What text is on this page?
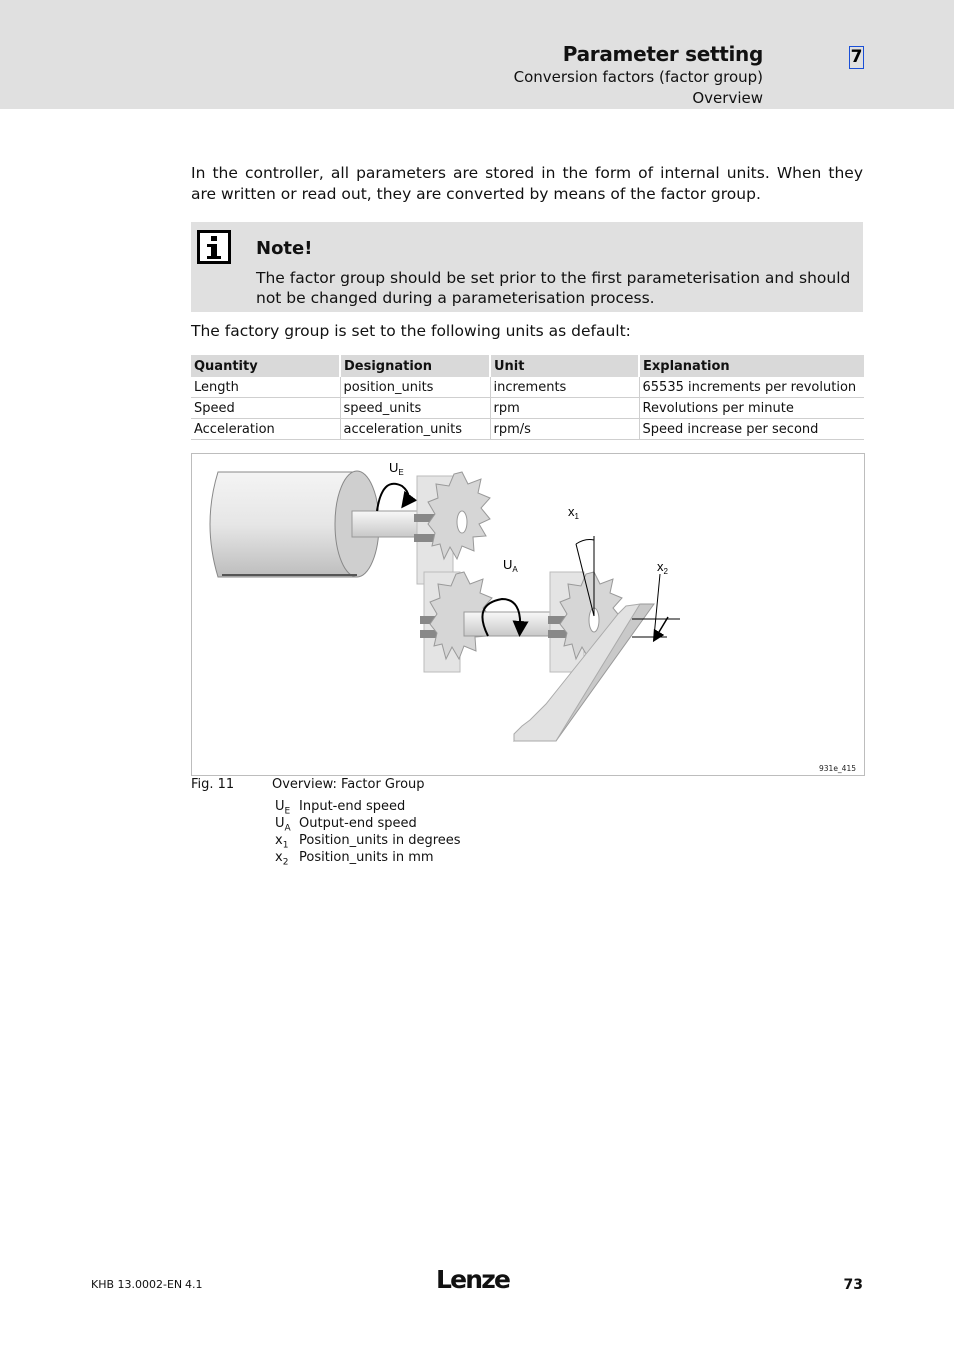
Parameter setting
Conversion factors (factor group)
Overview
7

In the controller, all parameters are stored in the form of internal units. When they are written or read out, they are converted by means of the factor group.

Note!
The factor group should be set prior to the first parameterisation and should not be changed during a parameterisation process.
The factory group is set to the following units as default:
Quantity	Designation	Unit	Explanation
Length	position_units	increments	65535 increments per revolution
Speed	speed_units	rpm	Revolutions per minute
Acceleration	acceleration_units	rpm/s	Speed increase per second
$U_E$
$U_A$
$x_1$
$x_2$
931e_415
Fig. 11	Overview: Factor Group
$U_E$ Input-end speed
$U_A$ Output-end speed
$x_1$ Position_units in degrees
$x_2$ Position_units in mm
KHB 13.0002-EN 4.1	Lenze	73
